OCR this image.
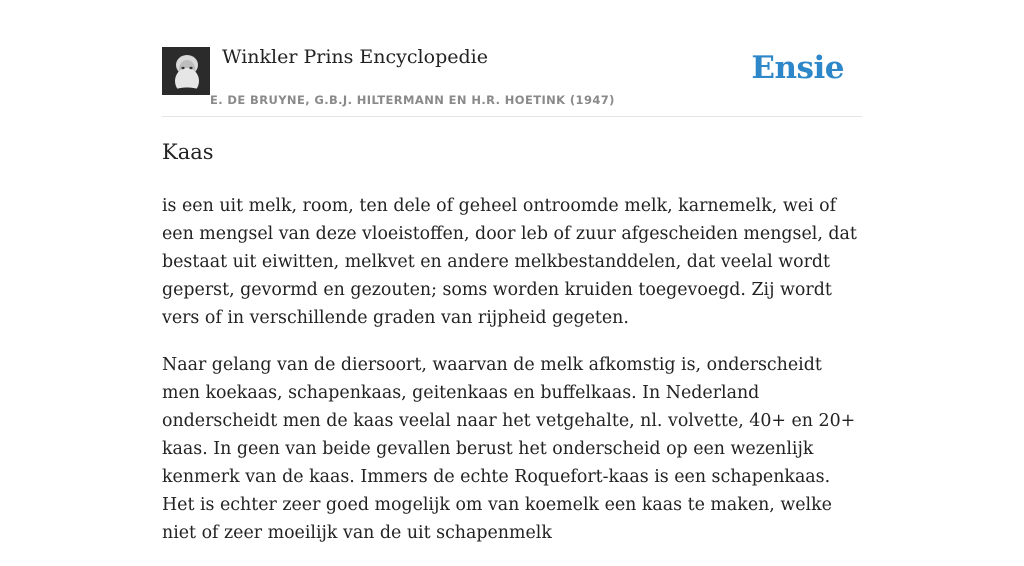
Winkler Prins Encyclopedie
E. DE BRUYNE, G.B.J. HILTERMANN EN H.R. HOETINK (1947)
Ensie
Kaas

is een uit melk, room, ten dele of geheel ontroomde melk, karnemelk, wei of een mengsel van deze vloeistoffen, door leb of zuur afgescheiden mengsel, dat bestaat uit eiwitten, melkvet en andere melkbestanddelen, dat veelal wordt geperst, gevormd en gezouten; soms worden kruiden toegevoegd. Zij wordt vers of in verschillende graden van rijpheid gegeten.

Naar gelang van de diersoort, waarvan de melk afkomstig is, onderscheidt men koekaas, schapenkaas, geitenkaas en buffelkaas. In Nederland onderscheidt men de kaas veelal naar het vetgehalte, nl. volvette, 40+ en 20+ kaas. In geen van beide gevallen berust het onderscheid op een wezenlijk kenmerk van de kaas. Immers de echte Roquefort-kaas is een schapenkaas. Het is echter zeer goed mogelijk om van koemelk een kaas te maken, welke niet of zeer moeilijk van de uit schapenmelk
